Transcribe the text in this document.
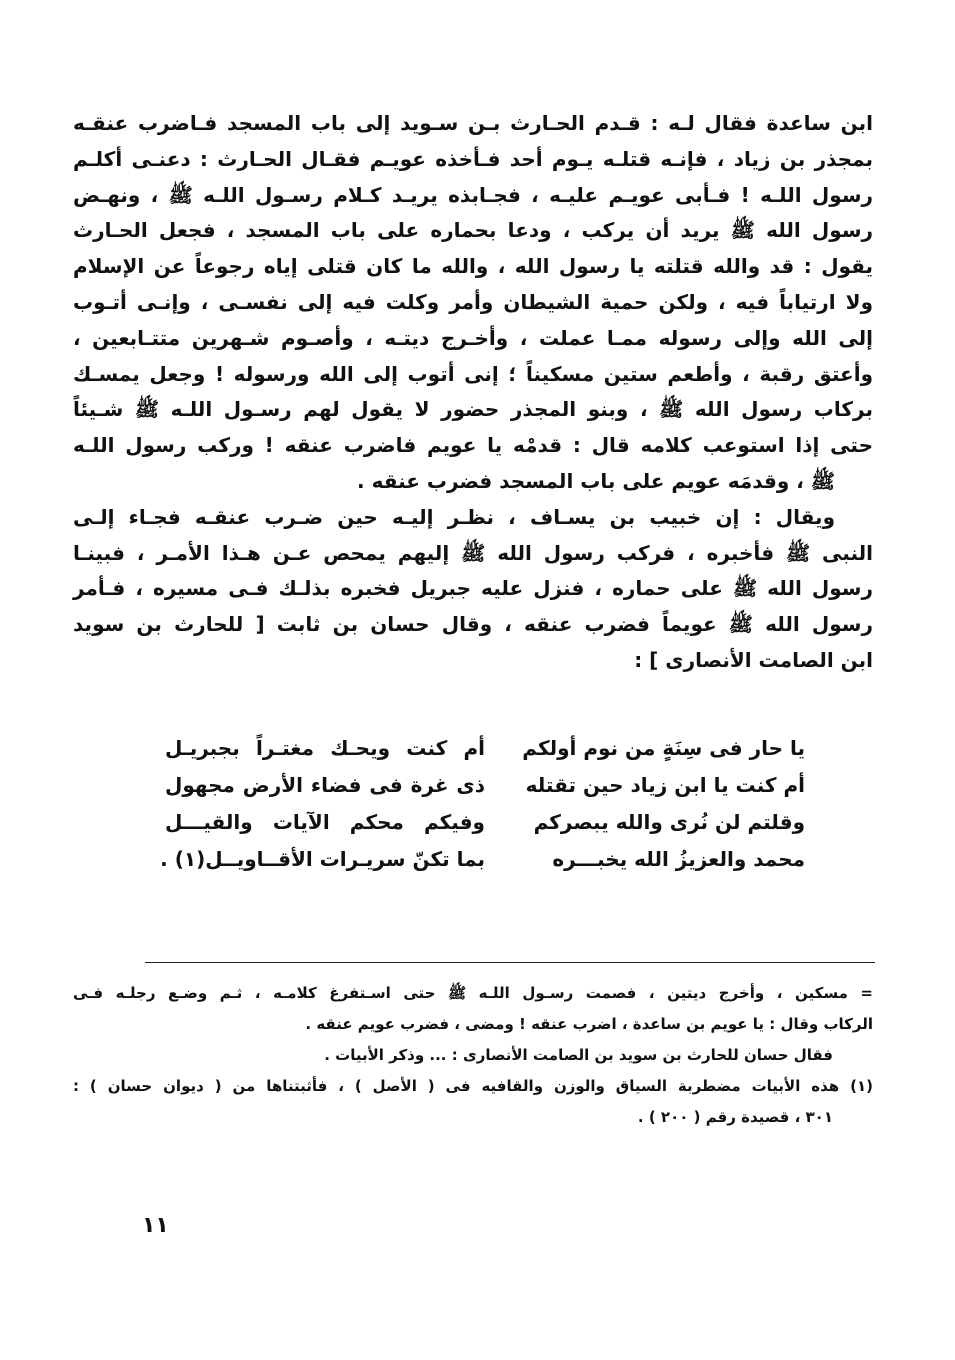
ابن ساعدة فقال لـه : قـدم الحـارث بـن سـويد إلى باب المسجد فـاضرب عنقـه
بمجذر بن زياد ، فإنـه قتلـه يـوم أحد فـأخذه عويـم فقـال الحـارث : دعنـى أكلـم
رسول اللـه ! فـأبى عويـم عليـه ، فجـابذه يريـد كـلام رسـول اللـه ﷺ ، ونهـض
رسول الله ﷺ يريد أن يركب ، ودعا بحماره على باب المسجد ، فجعل الحـارث
يقول : قد والله قتلته يا رسول الله ، والله ما كان قتلى إياه رجوعاً عن الإسلام
ولا ارتياباً فيه ، ولكن حمية الشيطان وأمر وكلت فيه إلى نفسـى ، وإنـى أتـوب
إلى الله وإلى رسوله ممـا عملت ، وأخـرج ديتـه ، وأصـوم شـهرين متتـابعين ،
وأعتق رقبة ، وأطعم ستين مسكيناً ؛ إنى أتوب إلى الله ورسوله ! وجعل يمسـك
بركاب رسول الله ﷺ ، وبنو المجذر حضور لا يقول لهم رسـول اللـه ﷺ شـيئاً
حتى إذا استوعب كلامه قال : قدمْه يا عويم فاضرب عنقه ! وركب رسول اللـه
ﷺ ، وقدمَه عويم على باب المسجد فضرب عنقه .
ويقال : إن خبيب بن يسـاف ، نظـر إليـه حين ضـرب عنقـه فجـاء إلـى
النبى ﷺ فأخبره ، فركب رسول الله ﷺ إليهم يمحص عـن هـذا الأمـر ، فبينـا
رسول الله ﷺ على حماره ، فنزل عليه جبريل فخبره بذلـك فـى مسيره ، فـأمر
رسول الله ﷺ عويماً فضرب عنقه ، وقال حسان بن ثابت [ للحارث بن سويد
ابن الصامت الأنصارى ] :
يا حار فى سِنَةٍ من نوم أولكم
أم كنت ويحـك مغتـراً بجبريـل
أم كنت يا ابن زياد حين تقتله
ذى غرة فى فضاء الأرض مجهول
وقلتم لن نُرى والله يبصركم
وفيكم محكم الآيات والقيـــل
محمد والعزيزُ الله يخبـــره
بما تكنّ سريـرات الأقــاويــل(١) .
= مسكين ، وأخرج ديتين ، فصمت رسـول اللـه ﷺ حتى اسـتفرغ كلامـه ، ثـم وضـع رجلـه فـى
الركاب وقال : يا عويم بن ساعدة ، اضرب عنقه ! ومضى ، فضرب عويم عنقه .
فقال حسان للحارث بن سويد بن الصامت الأنصارى : ... وذكر الأبيات .
(١) هذه الأبيات مضطربة السياق والوزن والقافيه فى ( الأصل ) ، فأثبتناها من ( ديوان حسان ) :
٣٠١ ، قصيدة رقم ( ٢٠٠ ) .
١١
